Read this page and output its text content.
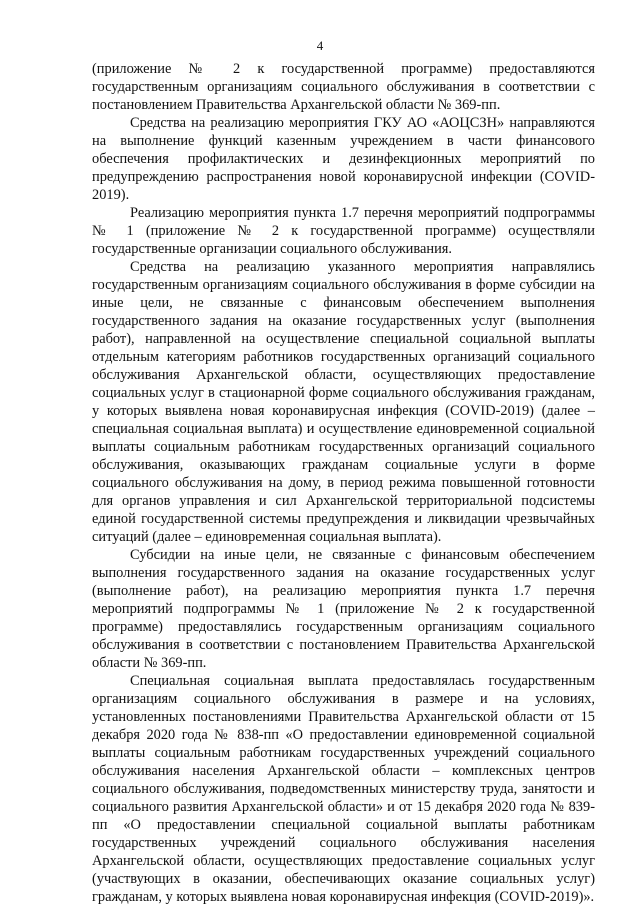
4

(приложение № 2 к государственной программе) предоставляются государственным организациям социального обслуживания в соответствии с постановлением Правительства Архангельской области № 369-пп.

Средства на реализацию мероприятия ГКУ АО «АОЦСЗН» направляются на выполнение функций казенным учреждением в части финансового обеспечения профилактических и дезинфекционных мероприятий по предупреждению распространения новой коронавирусной инфекции (COVID-2019).

Реализацию мероприятия пункта 1.7 перечня мероприятий подпрограммы № 1 (приложение № 2 к государственной программе) осуществляли государственные организации социального обслуживания.

Средства на реализацию указанного мероприятия направлялись государственным организациям социального обслуживания в форме субсидии на иные цели, не связанные с финансовым обеспечением выполнения государственного задания на оказание государственных услуг (выполнения работ), направленной на осуществление специальной социальной выплаты отдельным категориям работников государственных организаций социального обслуживания Архангельской области, осуществляющих предоставление социальных услуг в стационарной форме социального обслуживания гражданам, у которых выявлена новая коронавирусная инфекция (COVID-2019) (далее – специальная социальная выплата) и осуществление единовременной социальной выплаты социальным работникам государственных организаций социального обслуживания, оказывающих гражданам социальные услуги в форме социального обслуживания на дому, в период режима повышенной готовности для органов управления и сил Архангельской территориальной подсистемы единой государственной системы предупреждения и ликвидации чрезвычайных ситуаций (далее – единовременная социальная выплата).

Субсидии на иные цели, не связанные с финансовым обеспечением выполнения государственного задания на оказание государственных услуг (выполнение работ), на реализацию мероприятия пункта 1.7 перечня мероприятий подпрограммы № 1 (приложение № 2 к государственной программе) предоставлялись государственным организациям социального обслуживания в соответствии с постановлением Правительства Архангельской области № 369-пп.

Специальная социальная выплата предоставлялась государственным организациям социального обслуживания в размере и на условиях, установленных постановлениями Правительства Архангельской области от 15 декабря 2020 года № 838-пп «О предоставлении единовременной социальной выплаты социальным работникам государственных учреждений социального обслуживания населения Архангельской области – комплексных центров социального обслуживания, подведомственных министерству труда, занятости и социального развития Архангельской области» и от 15 декабря 2020 года № 839-пп «О предоставлении специальной социальной выплаты работникам государственных учреждений социального обслуживания населения Архангельской области, осуществляющих предоставление социальных услуг (участвующих в оказании, обеспечивающих оказание социальных услуг) гражданам, у которых выявлена новая коронавирусная инфекция (COVID-2019)».
